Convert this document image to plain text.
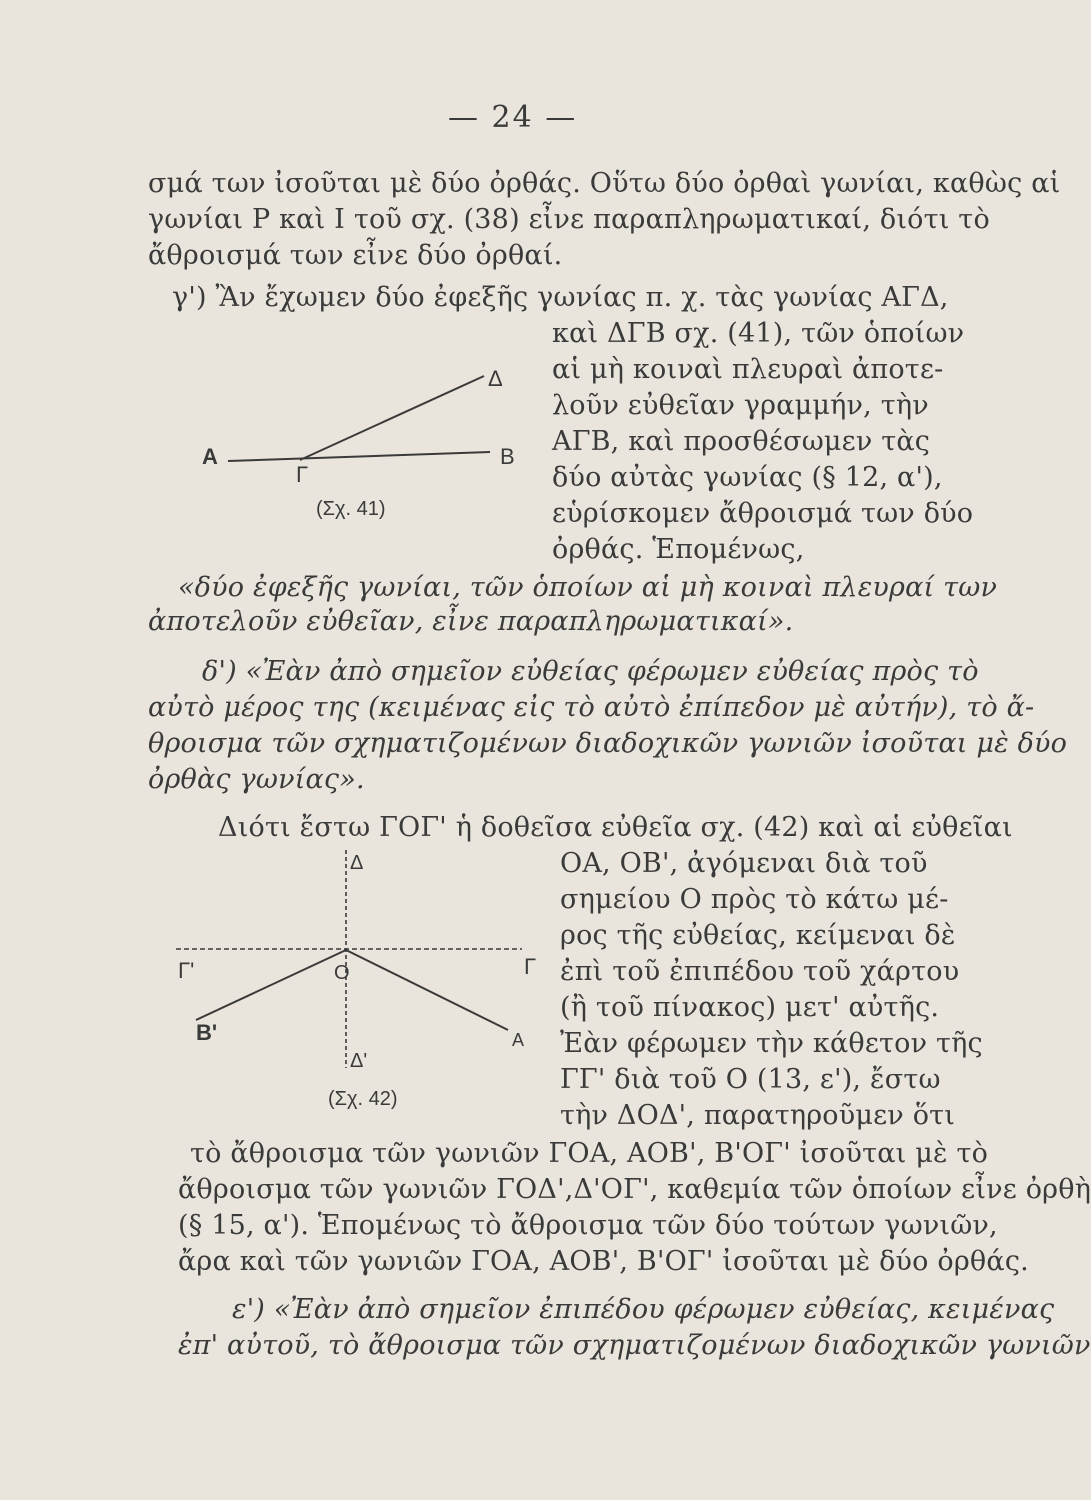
— 24 —
σμά των ἰσοῦται μὲ δύο ὀρθάς. Οὕτω δύο ὀρθαὶ γωνίαι, καθὼς αἱ
γωνίαι Ρ καὶ Ι τοῦ σχ. (38) εἶνε παραπληρωματικαί, διότι τὸ
ἄθροισμά των εἶνε δύο ὀρθαί.
γ') Ἂν ἔχωμεν δύο ἐφεξῆς γωνίας π. χ. τὰς γωνίας ΑΓΔ,
καὶ ΔΓΒ σχ. (41), τῶν ὁποίων
αἱ μὴ κοιναὶ πλευραὶ ἀποτε-
λοῦν εὐθεῖαν γραμμήν, τὴν
ΑΓΒ, καὶ προσθέσωμεν τὰς
δύο αὐτὰς γωνίας (§ 12, α'),
εὑρίσκομεν ἄθροισμά των δύο
ὀρθάς. Ἑπομένως,
«δύο ἐφεξῆς γωνίαι, τῶν ὁποίων αἱ μὴ κοιναὶ πλευραί των
ἀποτελοῦν εὐθεῖαν, εἶνε παραπληρωματικαί».
δ') «Ἐὰν ἀπὸ σημεῖον εὐθείας φέρωμεν εὐθείας πρὸς τὸ
αὐτὸ μέρος της (κειμένας εἰς τὸ αὐτὸ ἐπίπεδον μὲ αὐτήν), τὸ ἄ-
θροισμα τῶν σχηματιζομένων διαδοχικῶν γωνιῶν ἰσοῦται μὲ δύο
ὀρθὰς γωνίας».
Διότι ἔστω ΓΟΓ' ἡ δοθεῖσα εὐθεῖα σχ. (42) καὶ αἱ εὐθεῖαι
ΟΑ, ΟΒ', ἀγόμεναι διὰ τοῦ
σημείου Ο πρὸς τὸ κάτω μέ-
ρος τῆς εὐθείας, κείμεναι δὲ
ἐπὶ τοῦ ἐπιπέδου τοῦ χάρτου
(ἢ τοῦ πίνακος) μετ' αὐτῆς.
Ἐὰν φέρωμεν τὴν κάθετον τῆς
ΓΓ' διὰ τοῦ Ο (13, ε'), ἔστω
τὴν ΔΟΔ', παρατηροῦμεν ὅτι
τὸ ἄθροισμα τῶν γωνιῶν ΓΟΑ, ΑΟΒ', Β'ΟΓ' ἰσοῦται μὲ τὸ
ἄθροισμα τῶν γωνιῶν ΓΟΔ',Δ'ΟΓ', καθεμία τῶν ὁποίων εἶνε ὀρθὴ
(§ 15, α'). Ἑπομένως τὸ ἄθροισμα τῶν δύο τούτων γωνιῶν,
ἄρα καὶ τῶν γωνιῶν ΓΟΑ, ΑΟΒ', Β'ΟΓ' ἰσοῦται μὲ δύο ὀρθάς.
ε') «Ἐὰν ἀπὸ σημεῖον ἐπιπέδου φέρωμεν εὐθείας, κειμένας
ἐπ' αὐτοῦ, τὸ ἄθροισμα τῶν σχηματιζομένων διαδοχικῶν γωνιῶν
Α
Γ
Β
Δ
(Σχ. 41)
Δ
Γ'	Ο	Γ
Β'	Α
Δ'
(Σχ. 42)
